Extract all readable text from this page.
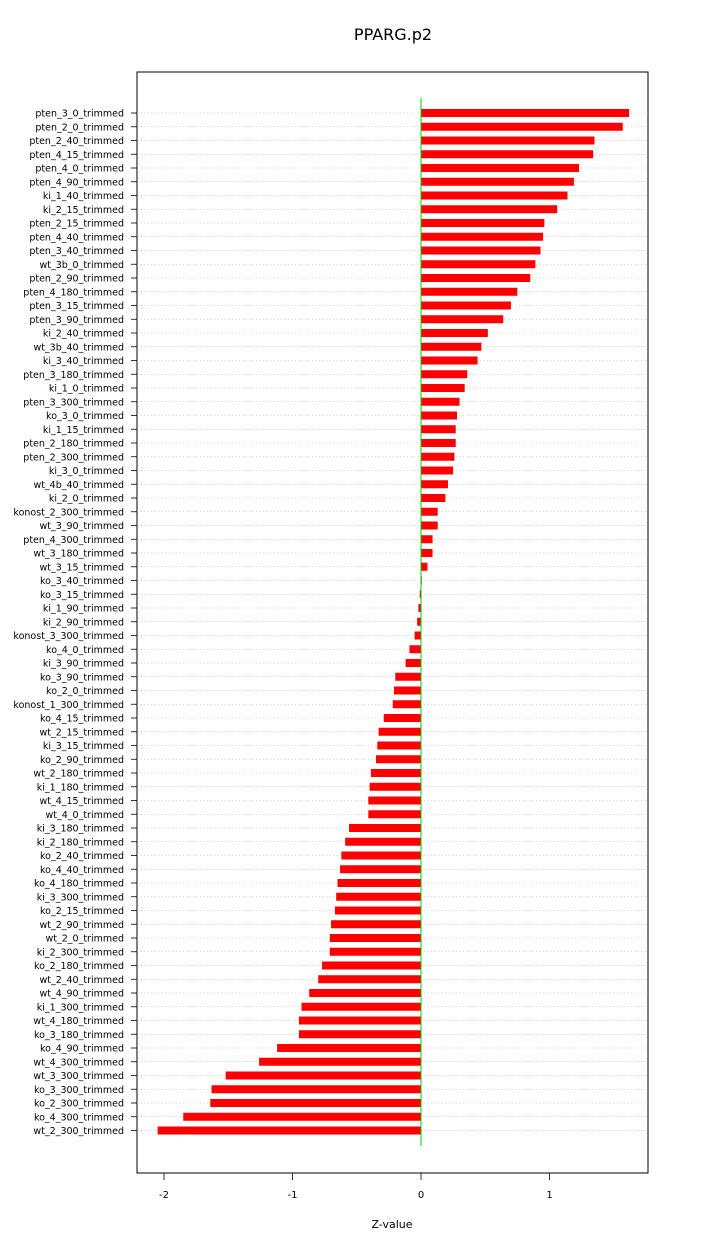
PPARG.p2
pten_3_0_trimmed
pten_2_0_trimmed
pten_2_40_trimmed
pten_4_15_trimmed
pten_4_0_trimmed
pten_4_90_trimmed
ki_1_40_trimmed
ki_2_15_trimmed
pten_2_15_trimmed
pten_4_40_trimmed
pten_3_40_trimmed
wt_3b_0_trimmed
pten_2_90_trimmed
pten_4_180_trimmed
pten_3_15_trimmed
pten_3_90_trimmed
ki_2_40_trimmed
wt_3b_40_trimmed
ki_3_40_trimmed
pten_3_180_trimmed
ki_1_0_trimmed
pten_3_300_trimmed
ko_3_0_trimmed
ki_1_15_trimmed
pten_2_180_trimmed
pten_2_300_trimmed
ki_3_0_trimmed
wt_4b_40_trimmed
ki_2_0_trimmed
konost_2_300_trimmed
wt_3_90_trimmed
pten_4_300_trimmed
wt_3_180_trimmed
wt_3_15_trimmed
ko_3_40_trimmed
ko_3_15_trimmed
ki_1_90_trimmed
ki_2_90_trimmed
konost_3_300_trimmed
ko_4_0_trimmed
ki_3_90_trimmed
ko_3_90_trimmed
ko_2_0_trimmed
konost_1_300_trimmed
ko_4_15_trimmed
wt_2_15_trimmed
ki_3_15_trimmed
ko_2_90_trimmed
wt_2_180_trimmed
ki_1_180_trimmed
wt_4_15_trimmed
wt_4_0_trimmed
ki_3_180_trimmed
ki_2_180_trimmed
ko_2_40_trimmed
ko_4_40_trimmed
ko_4_180_trimmed
ki_3_300_trimmed
ko_2_15_trimmed
wt_2_90_trimmed
wt_2_0_trimmed
ki_2_300_trimmed
ko_2_180_trimmed
wt_2_40_trimmed
wt_4_90_trimmed
ki_1_300_trimmed
wt_4_180_trimmed
ko_3_180_trimmed
ko_4_90_trimmed
wt_4_300_trimmed
wt_3_300_trimmed
ko_3_300_trimmed
ko_2_300_trimmed
ko_4_300_trimmed
wt_2_300_trimmed
-2	-1	0	1
Z-value
